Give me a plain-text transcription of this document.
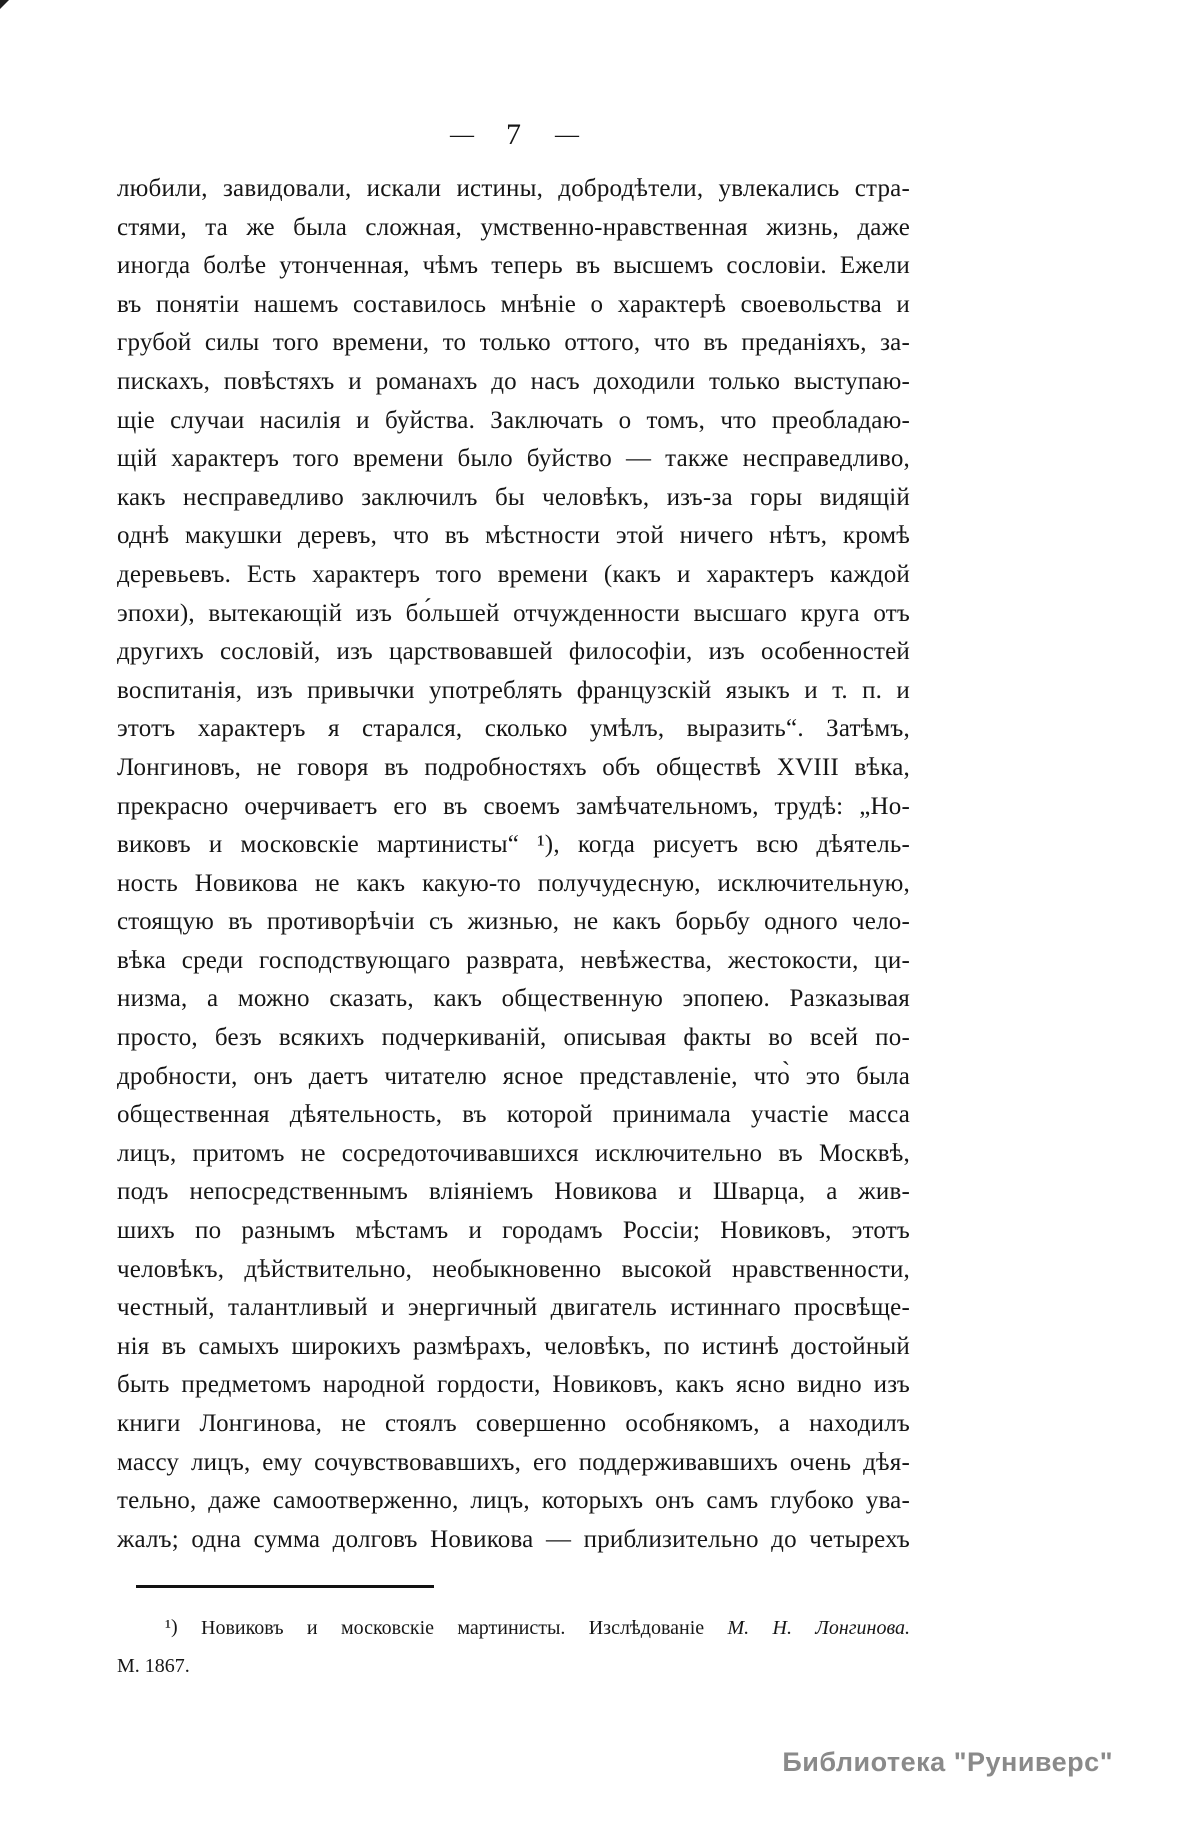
— 7 —
любили, завидовали, искали истины, добродѣтели, увлекались стра-
стями, та же была сложная, умственно-нравственная жизнь, даже
иногда болѣе утонченная, чѣмъ теперь въ высшемъ сословіи. Ежели
въ понятіи нашемъ составилось мнѣніе о характерѣ своевольства и
грубой силы того времени, то только оттого, что въ преданіяхъ, за-
пискахъ, повѣстяхъ и романахъ до насъ доходили только выступаю-
щіе случаи насилія и буйства. Заключать о томъ, что преобладаю-
щій характеръ того времени было буйство — также несправедливо,
какъ несправедливо заключилъ бы человѣкъ, изъ-за горы видящій
однѣ макушки деревъ, что въ мѣстности этой ничего нѣтъ, кромѣ
деревьевъ. Есть характеръ того времени (какъ и характеръ каждой
эпохи), вытекающій изъ бо́льшей отчужденности высшаго круга отъ
другихъ сословій, изъ царствовавшей философіи, изъ особенностей
воспитанія, изъ привычки употреблять французскій языкъ и т. п. и
этотъ характеръ я старался, сколько умѣлъ, выразить“. Затѣмъ,
Лонгиновъ, не говоря въ подробностяхъ объ обществѣ XVIII вѣка,
прекрасно очерчиваетъ его въ своемъ замѣчательномъ, трудѣ: „Но-
виковъ и московскіе мартинисты“ ¹), когда рисуетъ всю дѣятель-
ность Новикова не какъ какую-то получудесную, исключительную,
стоящую въ противорѣчіи съ жизнью, не какъ борьбу одного чело-
вѣка среди господствующаго разврата, невѣжества, жестокости, ци-
низма, а можно сказать, какъ общественную эпопею. Разказывая
просто, безъ всякихъ подчеркиваній, описывая факты во всей по-
дробности, онъ даетъ читателю ясное представленіе, что̀ это была
общественная дѣятельность, въ которой принимала участіе масса
лицъ, притомъ не сосредоточивавшихся исключительно въ Москвѣ,
подъ непосредственнымъ вліяніемъ Новикова и Шварца, а жив-
шихъ по разнымъ мѣстамъ и городамъ Россіи; Новиковъ, этотъ
человѣкъ, дѣйствительно, необыкновенно высокой нравственности,
честный, талантливый и энергичный двигатель истиннаго просвѣще-
нія въ самыхъ широкихъ размѣрахъ, человѣкъ, по истинѣ достойный
быть предметомъ народной гордости, Новиковъ, какъ ясно видно изъ
книги Лонгинова, не стоялъ совершенно особнякомъ, а находилъ
массу лицъ, ему сочувствовавшихъ, его поддерживавшихъ очень дѣя-
тельно, даже самоотверженно, лицъ, которыхъ онъ самъ глубоко ува-
жалъ; одна сумма долговъ Новикова — приблизительно до четырехъ
¹) Новиковъ и московскіе мартинисты. Изслѣдованіе М. Н. Лонгинова.
М. 1867.
Библиотека "Руниверс"
